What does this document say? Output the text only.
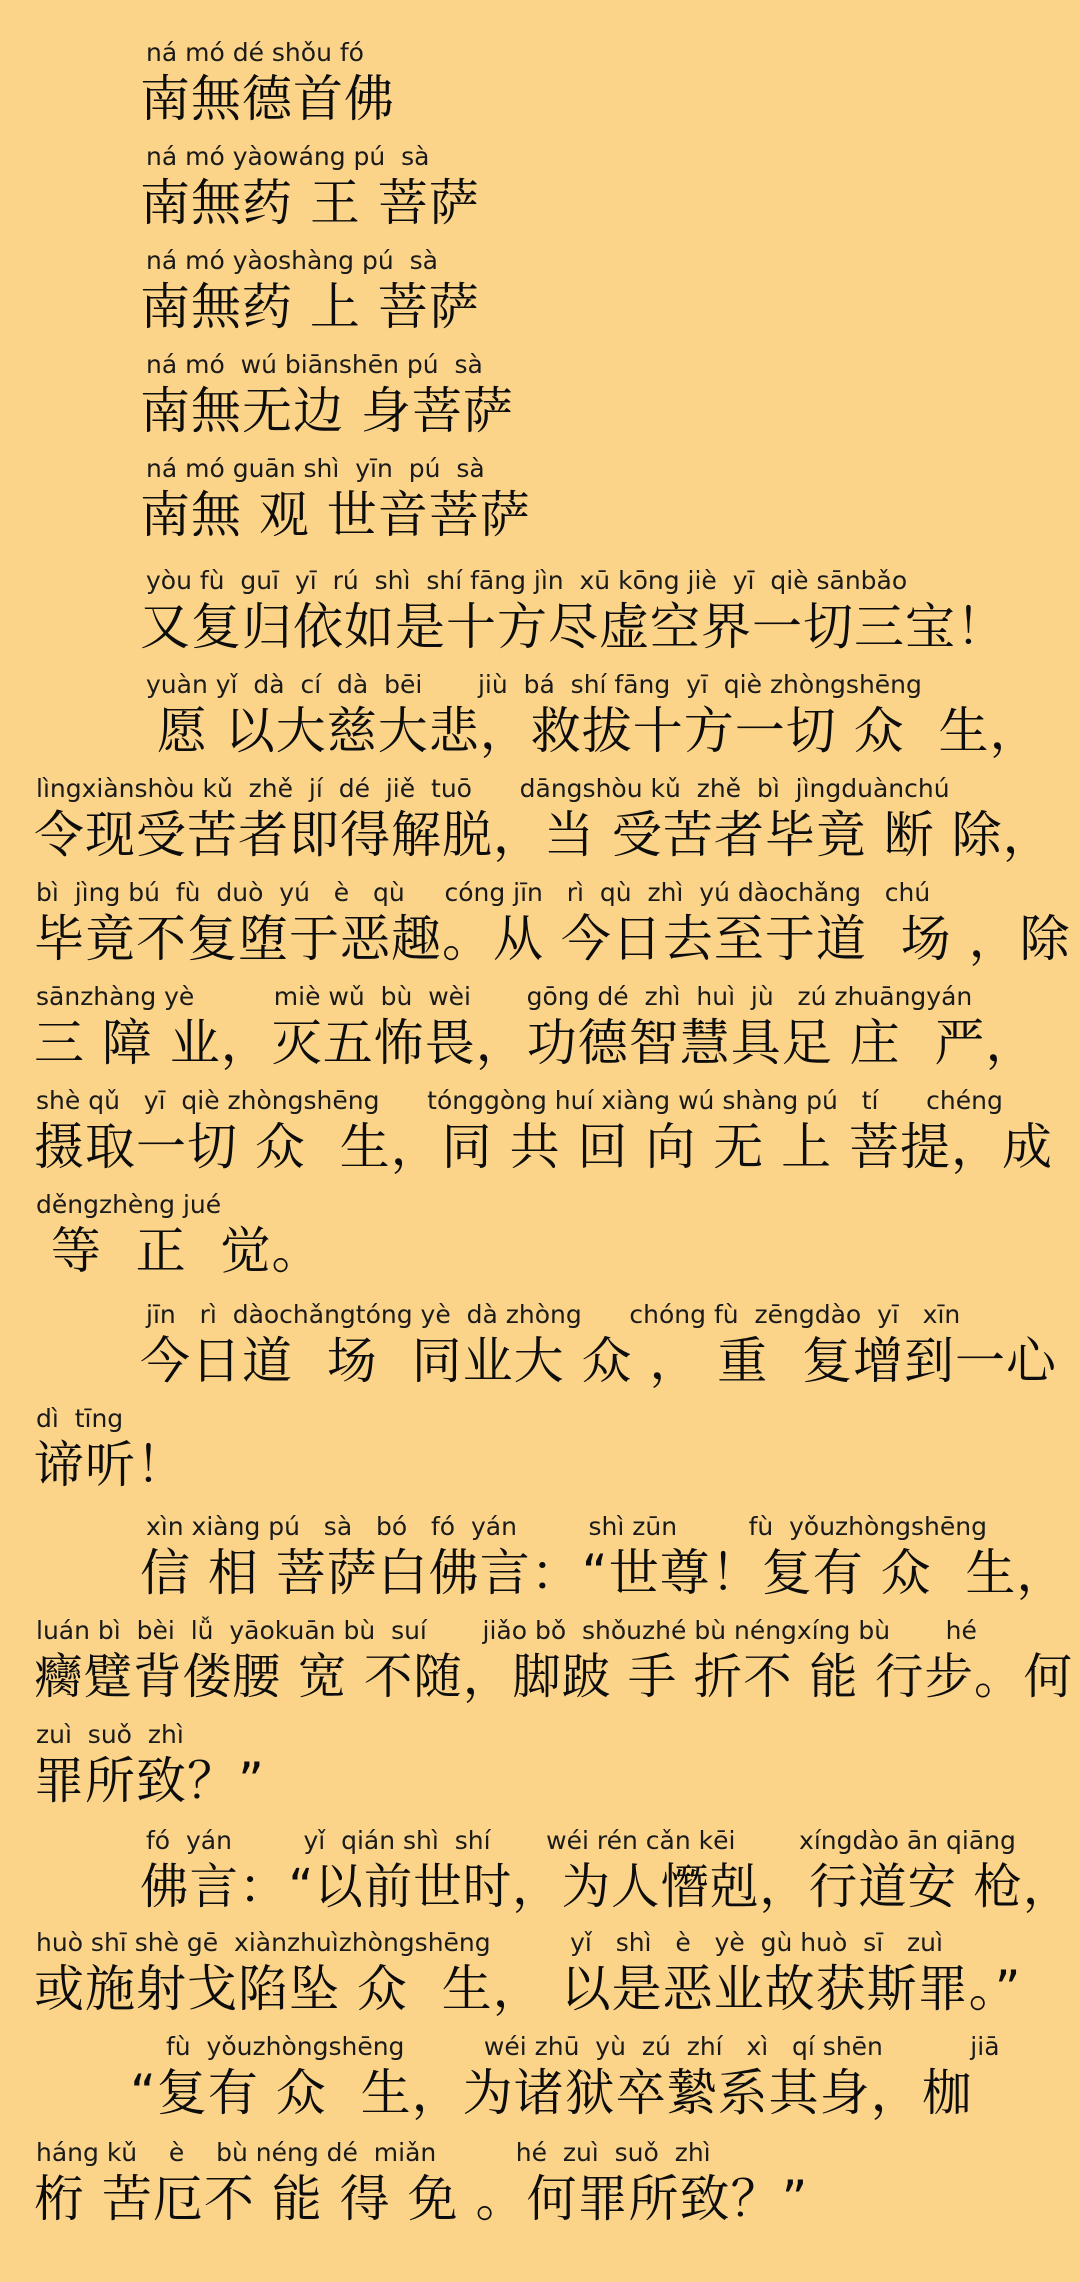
ná mó dé shǒu fó
南無德首佛
ná mó yàowáng pú  sà
南無药 王 菩萨
ná mó yàoshàng pú  sà
南無药 上 菩萨
ná mó  wú biānshēn pú  sà
南無无边 身菩萨
ná mó guān shì  yīn  pú  sà
南無 观 世音菩萨
yòu fù  guī  yī  rú  shì  shí fāng jìn  xū kōng jiè  yī  qiè sānbǎo
又复归依如是十方尽虚空界一切三宝！
yuàn yǐ  dà  cí  dà  bēi       jiù  bá  shí fāng  yī  qiè zhòngshēng
愿 以大慈大悲，救拔十方一切 众  生，
lìngxiànshòu kǔ  zhě  jí  dé  jiě  tuō      dāngshòu kǔ  zhě  bì  jìngduànchú
令现受苦者即得解脱，当 受苦者毕竟 断 除，
bì  jìng bú  fù  duò  yú   è   qù     cóng jīn   rì  qù  zhì  yú dàochǎng   chú
毕竟不复堕于恶趣。从 今日去至于道  场 ，除
sānzhàng yè          miè wǔ  bù  wèi       gōng dé  zhì  huì  jù   zú zhuāngyán
三 障 业，灭五怖畏，功德智慧具足 庄  严，
shè qǔ   yī  qiè zhòngshēng      tónggòng huí xiàng wú shàng pú   tí      chéng
摄取一切 众  生，同 共 回 向 无 上 菩提，成
děngzhèng jué
等  正  觉。
jīn   rì  dàochǎngtóng yè  dà zhòng      chóng fù  zēngdào  yī   xīn
今日道  场  同业大 众 ， 重  复增到一心
dì  tīng
谛听！
xìn xiàng pú   sà   bó   fó  yán         shì zūn         fù  yǒuzhòngshēng
信 相 菩萨白佛言：“世尊！复有 众  生，
luán bì  bèi  lǚ  yāokuān bù  suí       jiǎo bǒ  shǒuzhé bù néngxíng bù       hé
癵躄背偻腰 宽 不随，脚跛 手 折不 能 行步。何
zuì  suǒ  zhì
罪所致？”
fó  yán         yǐ  qián shì  shí       wéi rén cǎn kēi        xíngdào ān qiāng
佛言：“以前世时，为人憯剋，行道安 枪，
huò shī shè gē  xiànzhuìzhòngshēng          yǐ   shì   è   yè  gù huò  sī   zuì
或施射戈陷坠 众  生， 以是恶业故获斯罪。”
fù  yǒuzhòngshēng          wéi zhū  yù  zú  zhí   xì   qí shēn           jiā
“复有 众  生，为诸狱卒縶系其身，枷
háng kǔ    è    bù néng dé  miǎn          hé  zuì  suǒ  zhì
桁 苦厄不 能 得 免 。何罪所致？”
